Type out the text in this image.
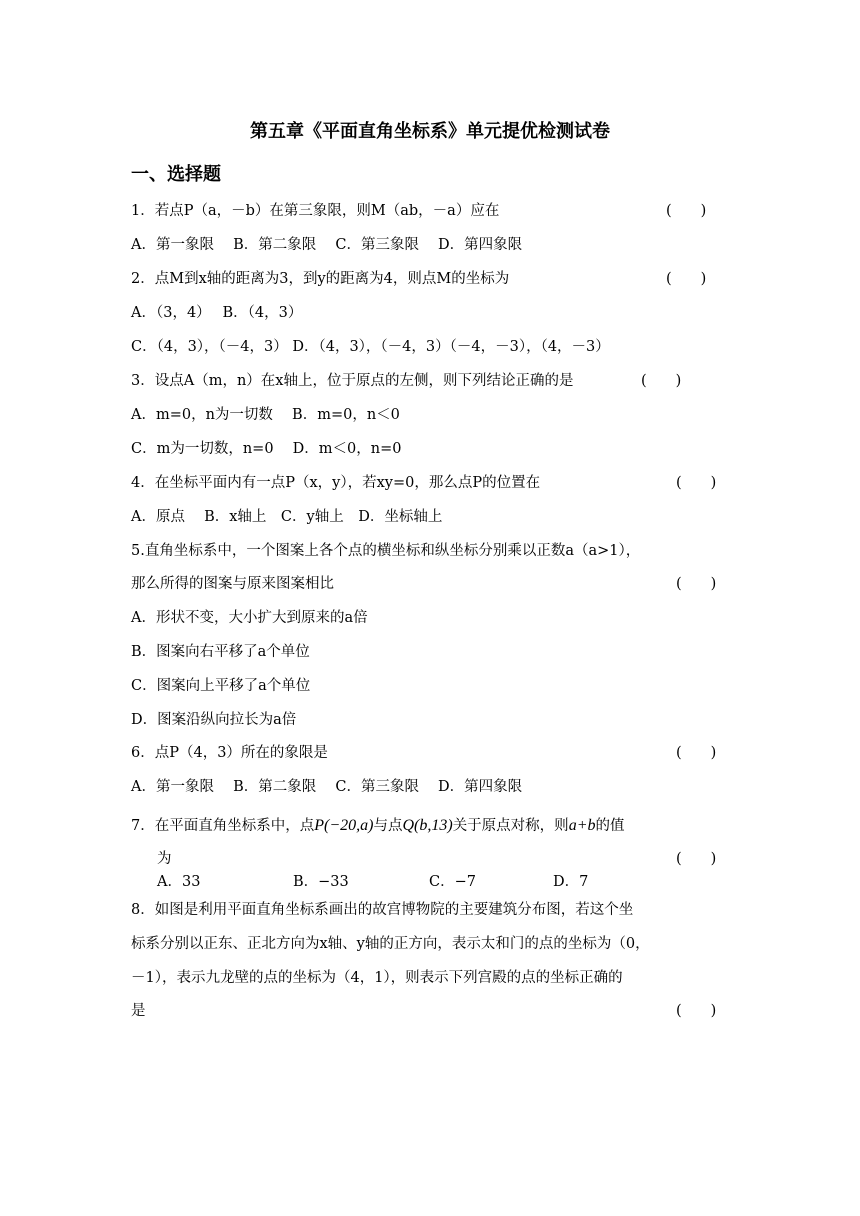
第五章《平面直角坐标系》单元提优检测试卷
一、选择题
1．若点P（a，－b）在第三象限，则M（ab，－a）应在	(　　)
A．第一象限　 B．第二象限　 C．第三象限　 D．第四象限
2．点M到x轴的距离为3，到y的距离为4，则点M的坐标为	(　　)
A．（3，4）　 B．（4，3）
C．（4，3），（－4，3） D．（4，3），（－4，3）（－4，－3），（4，－3）
3．设点A（m，n）在x轴上，位于原点的左侧，则下列结论正确的是	(　　)
A．m=0，n为一切数　 B．m=0，n＜0
C．m为一切数，n=0　 D．m＜0，n=0
4．在坐标平面内有一点P（x，y），若xy=0，那么点P的位置在	(　　)
A．原点　 B．x轴上　C．y轴上　D．坐标轴上
5.直角坐标系中，一个图案上各个点的横坐标和纵坐标分别乘以正数a（a>1），
那么所得的图案与原来图案相比	(　　)
A．形状不变，大小扩大到原来的a倍
B．图案向右平移了a个单位
C．图案向上平移了a个单位
D．图案沿纵向拉长为a倍
6．点P（4，3）所在的象限是	(　　)
A．第一象限　 B．第二象限　 C．第三象限　 D．第四象限
7．在平面直角坐标系中，点P(−20,a)与点Q(b,13)关于原点对称，则a+b的值
为	(　　)
A．33	B．−33	C．−7	D．7
8．如图是利用平面直角坐标系画出的故宫博物院的主要建筑分布图，若这个坐
标系分别以正东、正北方向为x轴、y轴的正方向，表示太和门的点的坐标为（0，
－1），表示九龙壁的点的坐标为（4，1），则表示下列宫殿的点的坐标正确的
是	(　　)
